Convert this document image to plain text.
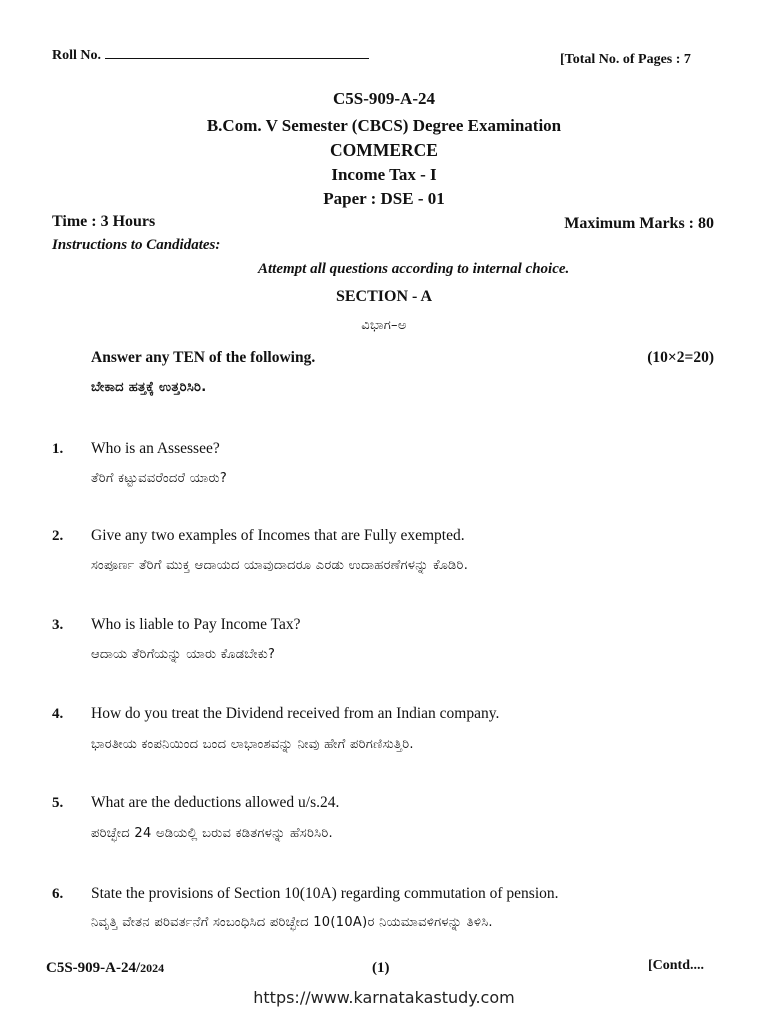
Roll No.	[Total No. of Pages : 7
C5S-909-A-24
B.Com. V Semester (CBCS) Degree Examination
COMMERCE
Income Tax - I
Paper : DSE - 01
Time : 3 Hours	Maximum Marks : 80
Instructions to Candidates:
Attempt all questions according to internal choice.
SECTION - A
ವಿಭಾಗ–ಅ
Answer any TEN of the following.	(10×2=20)
ಬೇಕಾದ ಹತ್ತಕ್ಕೆ ಉತ್ತರಿಸಿರಿ.
1. Who is an Assessee?
ತೆರಿಗೆ ಕಟ್ಟುವವರೆಂದರೆ ಯಾರು?
2. Give any two examples of Incomes that are Fully exempted.
ಸಂಪೂರ್ಣ ತೆರಿಗೆ ಮುಕ್ತ ಆದಾಯದ ಯಾವುದಾದರೂ ಎರಡು ಉದಾಹರಣೆಗಳನ್ನು ಕೊಡಿರಿ.
3. Who is liable to Pay Income Tax?
ಆದಾಯ ತೆರಿಗೆಯನ್ನು ಯಾರು ಕೊಡಬೇಕು?
4. How do you treat the Dividend received from an Indian company.
ಭಾರತೀಯ ಕಂಪನಿಯಿಂದ ಬಂದ ಲಾಭಾಂಶವನ್ನು ನೀವು ಹೇಗೆ ಪರಿಗಣಿಸುತ್ತಿರಿ.
5. What are the deductions allowed u/s.24.
ಪರಿಚ್ಛೇದ 24 ಅಡಿಯಲ್ಲಿ ಬರುವ ಕಡಿತಗಳನ್ನು ಹೆಸರಿಸಿರಿ.
6. State the provisions of Section 10(10A) regarding commutation of pension.
ನಿವೃತ್ತಿ ವೇತನ ಪರಿವರ್ತನೆಗೆ ಸಂಬಂಧಿಸಿದ ಪರಿಚ್ಛೇದ 10(10A)ರ ನಿಯಮಾವಳಿಗಳನ್ನು ತಿಳಿಸಿ.
C5S-909-A-24/2024	(1)	[Contd....
https://www.karnatakastudy.com
